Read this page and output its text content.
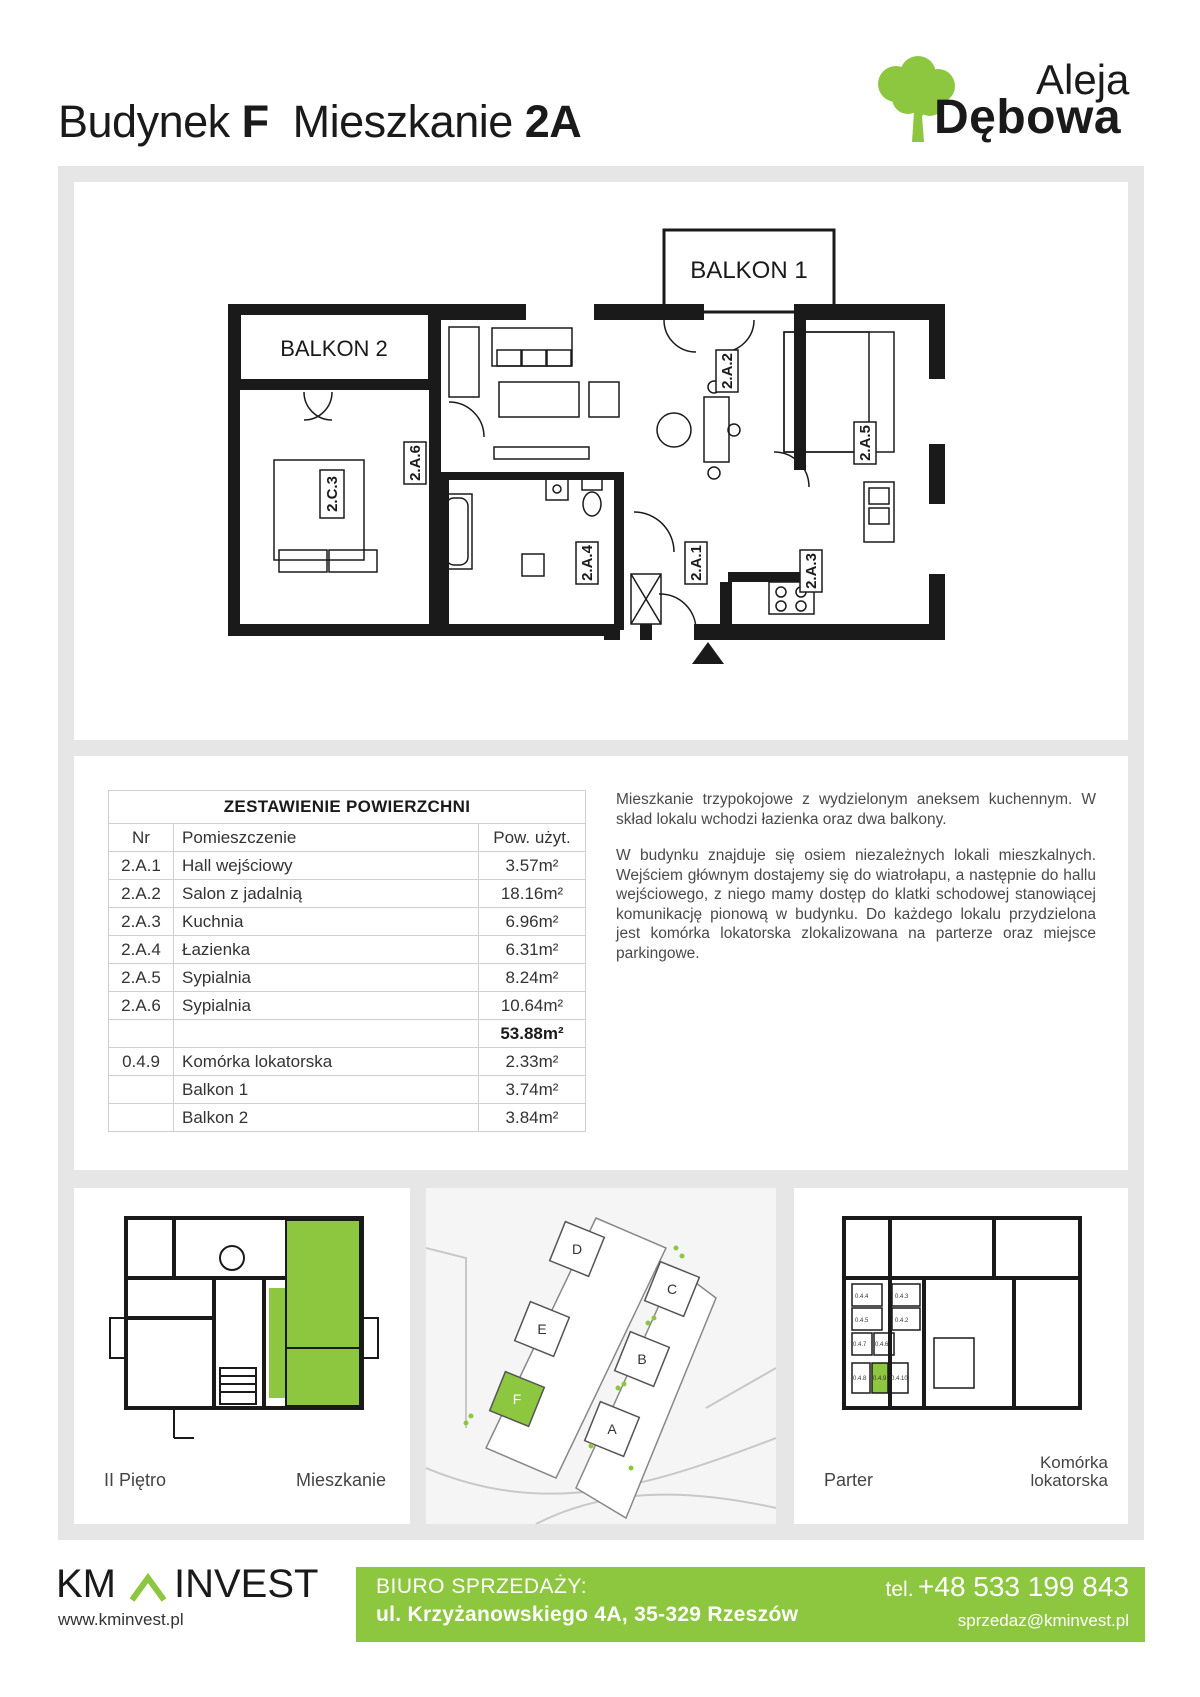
Budynek F Mieszkanie 2A
Aleja
Dębowa
BALKON 1
BALKON 2
2.A.2
2.A.5
2.A.6
2.C.3
2.A.4	2.A.1	2.A.3
ZESTAWIENIE POWIERZCHNI		
Nr	Pomieszczenie	Pow. użyt.
2.A.1	Hall wejściowy	3.57m²
2.A.2	Salon z jadalnią	18.16m²
2.A.3	Kuchnia	6.96m²
2.A.4	Łazienka	6.31m²
2.A.5	Sypialnia	8.24m²
2.A.6	Sypialnia	10.64m²
		53.88m²
0.4.9	Komórka lokatorska	2.33m²
	Balkon 1	3.74m²
	Balkon 2	3.84m²

Mieszkanie trzypokojowe z wydzielonym aneksem kuchennym. W skład lokalu wchodzi łazienka oraz dwa balkony.

W budynku znajduje się osiem niezależnych lokali mieszkalnych. Wejściem głównym dostajemy się do wiatrołapu, a następnie do hallu wejściowego, z niego mamy dostęp do klatki schodowej stanowiącej komunikację pionową w budynku. Do każdego lokalu przydzielona jest komórka lokatorska zlokalizowana na parterze oraz miejsce parkingowe.

II Piętro	Mieszkanie
D
E
F
C
B
A
0.4.4	0.4.3
0.4.5	0.4.2
0.4.7 0.4.6
0.4.8 0.4.9 0.4.10
Parter
Komórka
lokatorska
KM INVEST
www.kminvest.pl
BIURO SPRZEDAŻY:
ul. Krzyżanowskiego 4A, 35-329 Rzeszów
tel. +48 533 199 843
sprzedaz@kminvest.pl
